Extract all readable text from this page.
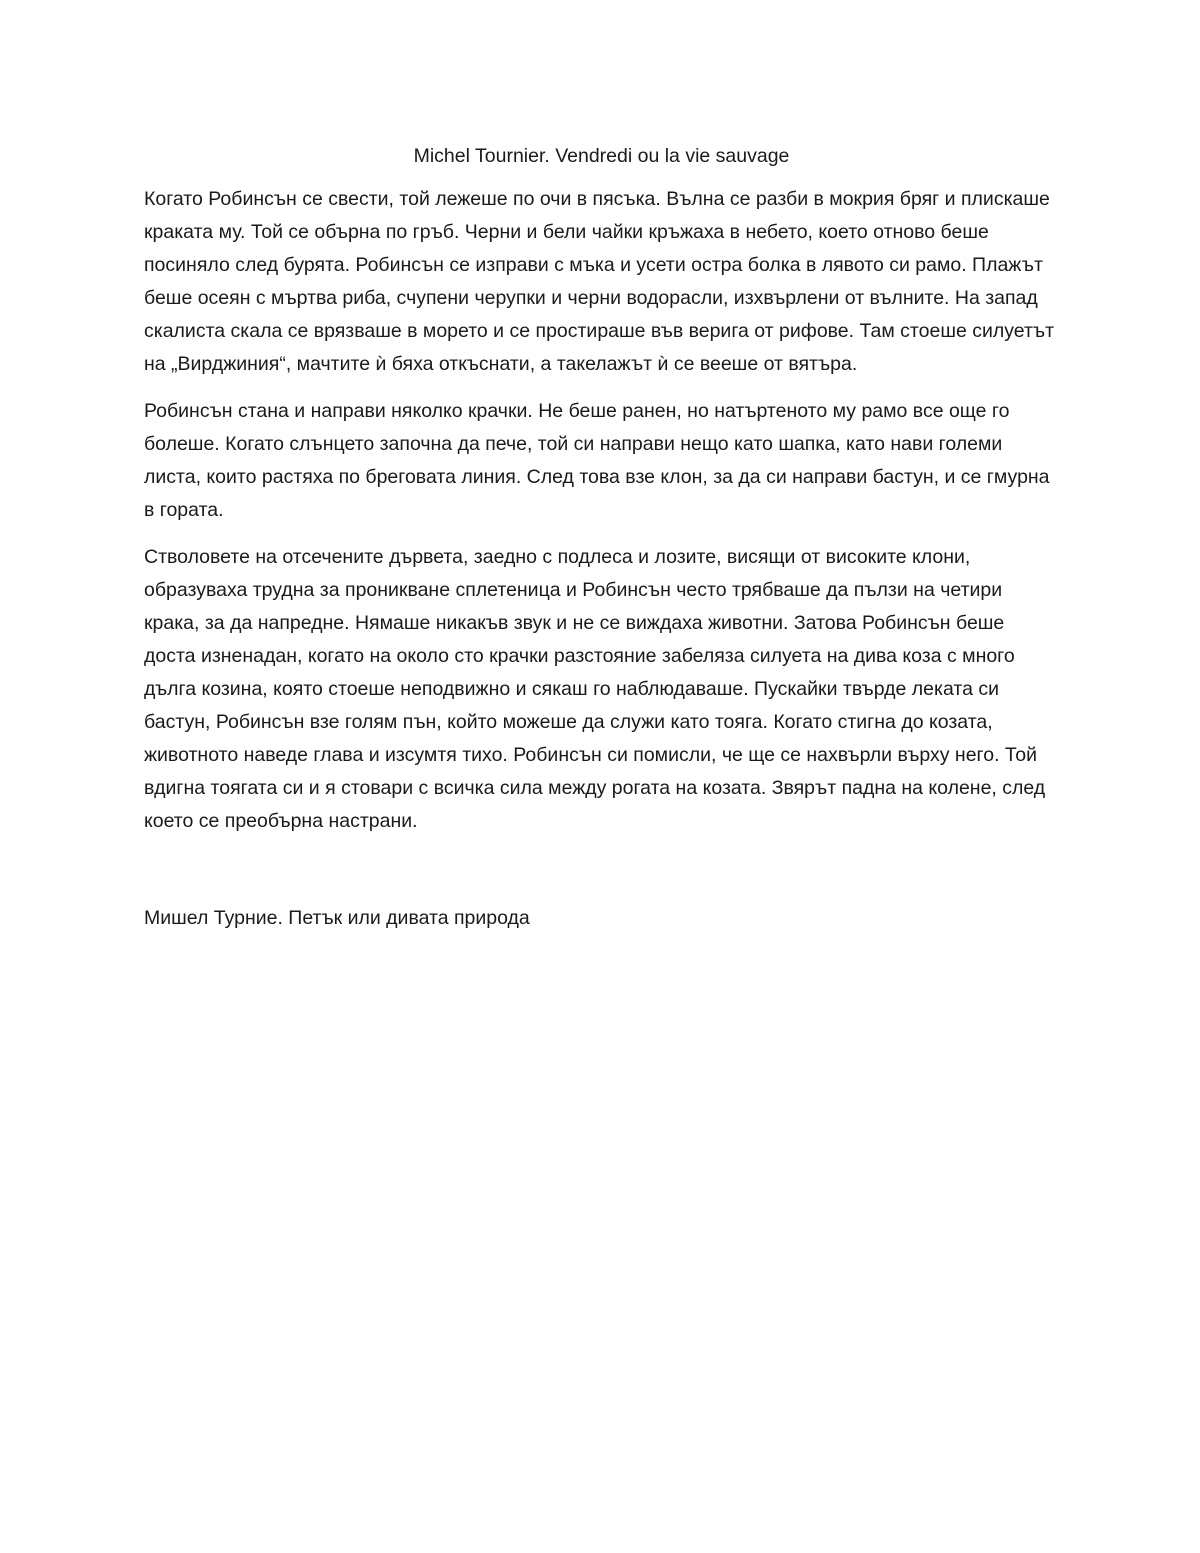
Michel Tournier. Vendredi ou la vie sauvage

Когато Робинсън се свести, той лежеше по очи в пясъка. Вълна се разби в мокрия бряг и плискаше краката му. Той се обърна по гръб. Черни и бели чайки кръжаха в небето, което отново беше посиняло след бурята. Робинсън се изправи с мъка и усети остра болка в лявото си рамо. Плажът беше осеян с мъртва риба, счупени черупки и черни водорасли, изхвърлени от вълните. На запад скалиста скала се врязваше в морето и се простираше във верига от рифове. Там стоеше силуетът на „Вирджиния“, мачтите ѝ бяха откъснати, а такелажът ѝ се вееше от вятъра.

Робинсън стана и направи няколко крачки. Не беше ранен, но натъртеното му рамо все още го болеше. Когато слънцето започна да пече, той си направи нещо като шапка, като нави големи листа, които растяха по бреговата линия. След това взе клон, за да си направи бастун, и се гмурна в гората.

Стволовете на отсечените дървета, заедно с подлеса и лозите, висящи от високите клони, образуваха трудна за проникване сплетеница и Робинсън често трябваше да пълзи на четири крака, за да напредне. Нямаше никакъв звук и не се виждаха животни. Затова Робинсън беше доста изненадан, когато на около сто крачки разстояние забеляза силуета на дива коза с много дълга козина, която стоеше неподвижно и сякаш го наблюдаваше. Пускайки твърде леката си бастун, Робинсън взе голям пън, който можеше да служи като тояга. Когато стигна до козата, животното наведе глава и изсумтя тихо. Робинсън си помисли, че ще се нахвърли върху него. Той вдигна тоягата си и я стовари с всичка сила между рогата на козата. Звярът падна на колене, след което се преобърна настрани.

Мишел Турние. Петък или дивата природа
